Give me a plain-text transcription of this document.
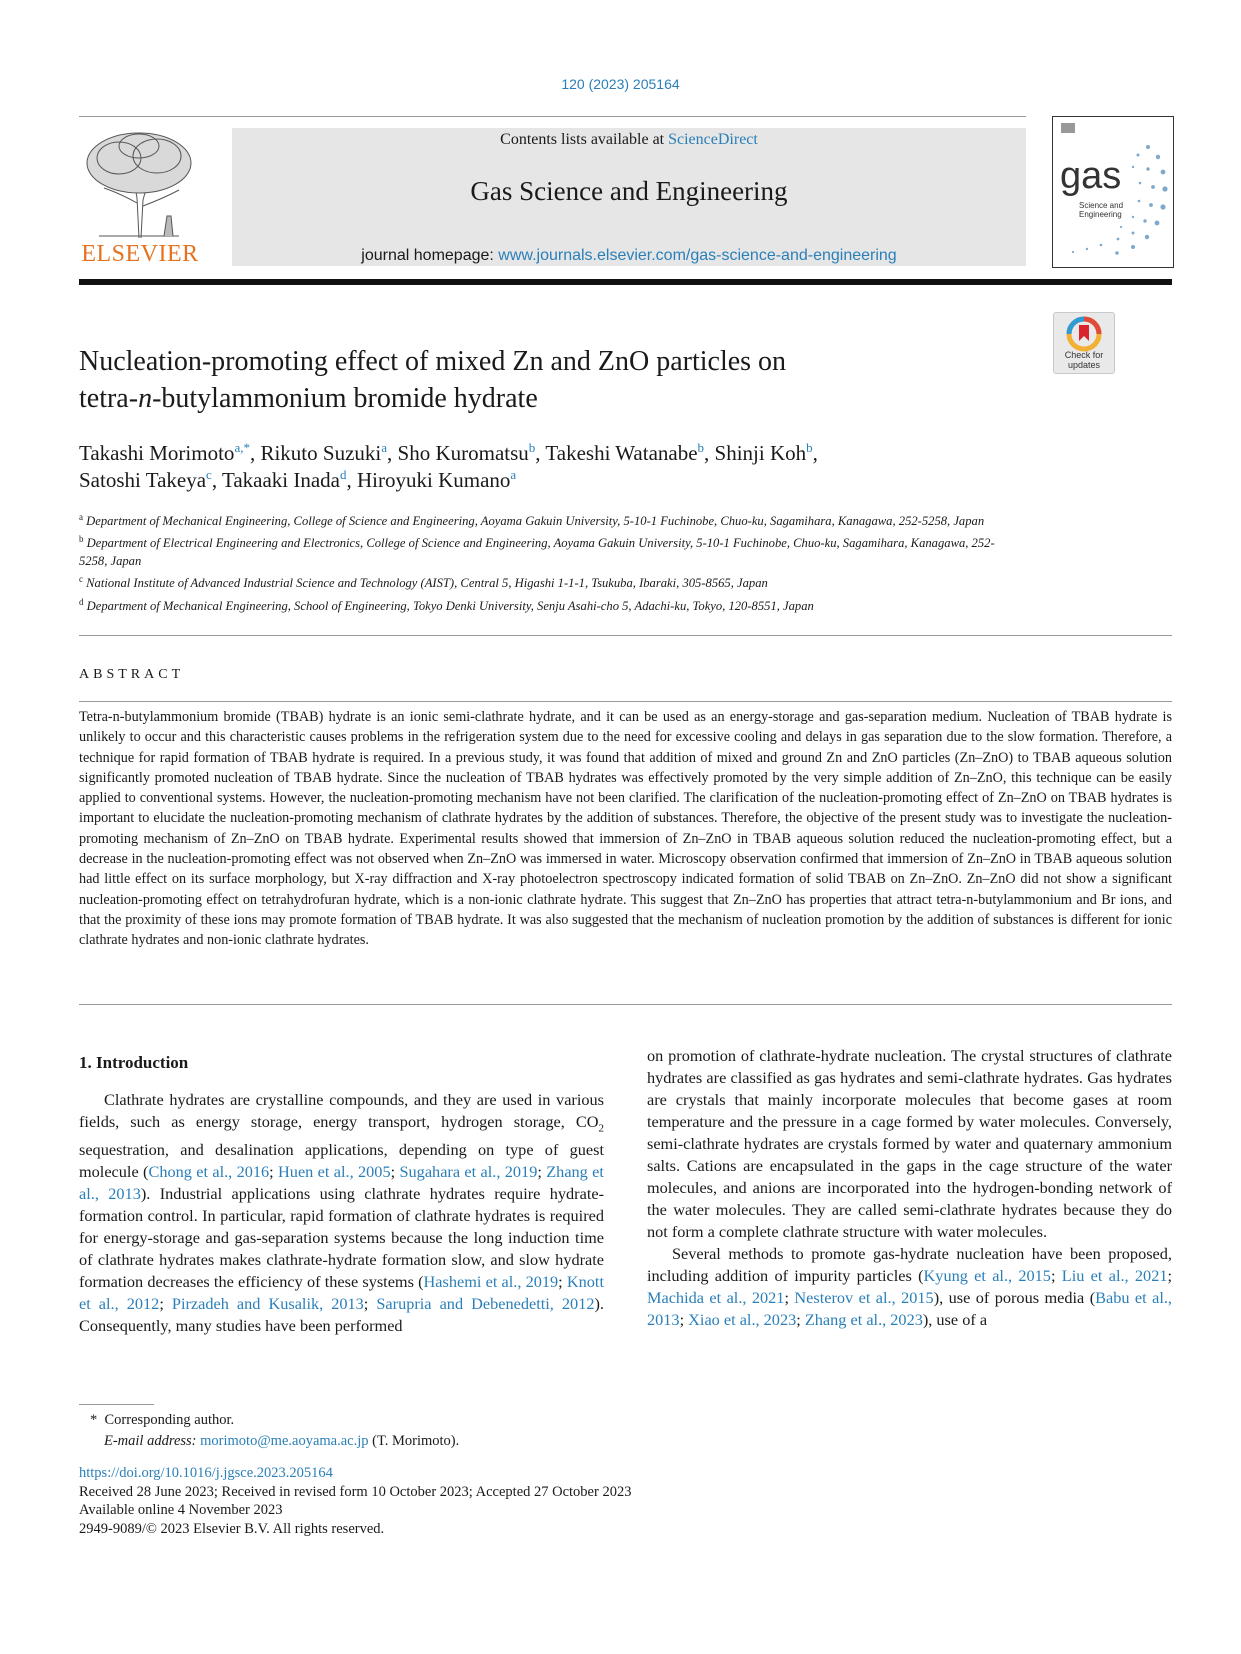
120 (2023) 205164
ELSEVIER
Contents lists available at ScienceDirect
Gas Science and Engineering
journal homepage: www.journals.elsevier.com/gas-science-and-engineering
gas
Science and
Engineering
Check for
updates
Nucleation-promoting effect of mixed Zn and ZnO particles on
tetra-n-butylammonium bromide hydrate
Takashi Morimoto$^{a,*}$, Rikuto Suzuki$^a$, Sho Kuromatsu$^b$, Takeshi Watanabe$^b$, Shinji Koh$^b$,
Satoshi Takeya$^c$, Takaaki Inada$^d$, Hiroyuki Kumano$^a$
$^a$ Department of Mechanical Engineering, College of Science and Engineering, Aoyama Gakuin University, 5-10-1 Fuchinobe, Chuo-ku, Sagamihara, Kanagawa, 252-5258, Japan
$^b$ Department of Electrical Engineering and Electronics, College of Science and Engineering, Aoyama Gakuin University, 5-10-1 Fuchinobe, Chuo-ku, Sagamihara, Kanagawa, 252-5258, Japan
$^c$ National Institute of Advanced Industrial Science and Technology (AIST), Central 5, Higashi 1-1-1, Tsukuba, Ibaraki, 305-8565, Japan
$^d$ Department of Mechanical Engineering, School of Engineering, Tokyo Denki University, Senju Asahi-cho 5, Adachi-ku, Tokyo, 120-8551, Japan
ABSTRACT
Tetra-n-butylammonium bromide (TBAB) hydrate is an ionic semi-clathrate hydrate, and it can be used as an energy-storage and gas-separation medium. Nucleation of TBAB hydrate is unlikely to occur and this characteristic causes problems in the refrigeration system due to the need for excessive cooling and delays in gas separation due to the slow formation. Therefore, a technique for rapid formation of TBAB hydrate is required. In a previous study, it was found that addition of mixed and ground Zn and ZnO particles (Zn–ZnO) to TBAB aqueous solution significantly promoted nucleation of TBAB hydrate. Since the nucleation of TBAB hydrates was effectively promoted by the very simple addition of Zn–ZnO, this technique can be easily applied to conventional systems. However, the nucleation-promoting mechanism have not been clarified. The clarification of the nucleation-promoting effect of Zn–ZnO on TBAB hydrates is important to elucidate the nucleation-promoting mechanism of clathrate hydrates by the addition of substances. Therefore, the objective of the present study was to investigate the nucleation-promoting mechanism of Zn–ZnO on TBAB hydrate. Experimental results showed that immersion of Zn–ZnO in TBAB aqueous solution reduced the nucleation-promoting effect, but a decrease in the nucleation-promoting effect was not observed when Zn–ZnO was immersed in water. Microscopy observation confirmed that immersion of Zn–ZnO in TBAB aqueous solution had little effect on its surface morphology, but X-ray diffraction and X-ray photoelectron spectroscopy indicated formation of solid TBAB on Zn–ZnO. Zn–ZnO did not show a significant nucleation-promoting effect on tetrahydrofuran hydrate, which is a non-ionic clathrate hydrate. This suggest that Zn–ZnO has properties that attract tetra-n-butylammonium and Br ions, and that the proximity of these ions may promote formation of TBAB hydrate. It was also suggested that the mechanism of nucleation promotion by the addition of substances is different for ionic clathrate hydrates and non-ionic clathrate hydrates.
1. Introduction

Clathrate hydrates are crystalline compounds, and they are used in various fields, such as energy storage, energy transport, hydrogen storage, $CO_2$ sequestration, and desalination applications, depending on type of guest molecule (Chong et al., 2016; Huen et al., 2005; Sugahara et al., 2019; Zhang et al., 2013). Industrial applications using clathrate hydrates require hydrate-formation control. In particular, rapid formation of clathrate hydrates is required for energy-storage and gas-separation systems because the long induction time of clathrate hydrates makes clathrate-hydrate formation slow, and slow hydrate formation decreases the efficiency of these systems (Hashemi et al., 2019; Knott et al., 2012; Pirzadeh and Kusalik, 2013; Sarupria and Debenedetti, 2012). Consequently, many studies have been performed

on promotion of clathrate-hydrate nucleation. The crystal structures of clathrate hydrates are classified as gas hydrates and semi-clathrate hydrates. Gas hydrates are crystals that mainly incorporate molecules that become gases at room temperature and the pressure in a cage formed by water molecules. Conversely, semi-clathrate hydrates are crystals formed by water and quaternary ammonium salts. Cations are encapsulated in the gaps in the cage structure of the water molecules, and anions are incorporated into the hydrogen-bonding network of the water molecules. They are called semi-clathrate hydrates because they do not form a complete clathrate structure with water molecules.

Several methods to promote gas-hydrate nucleation have been proposed, including addition of impurity particles (Kyung et al., 2015; Liu et al., 2021; Machida et al., 2021; Nesterov et al., 2015), use of porous media (Babu et al., 2013; Xiao et al., 2023; Zhang et al., 2023), use of a

* Corresponding author.
E-mail address: morimoto@me.aoyama.ac.jp (T. Morimoto).
https://doi.org/10.1016/j.jgsce.2023.205164
Received 28 June 2023; Received in revised form 10 October 2023; Accepted 27 October 2023
Available online 4 November 2023
2949-9089/© 2023 Elsevier B.V. All rights reserved.
